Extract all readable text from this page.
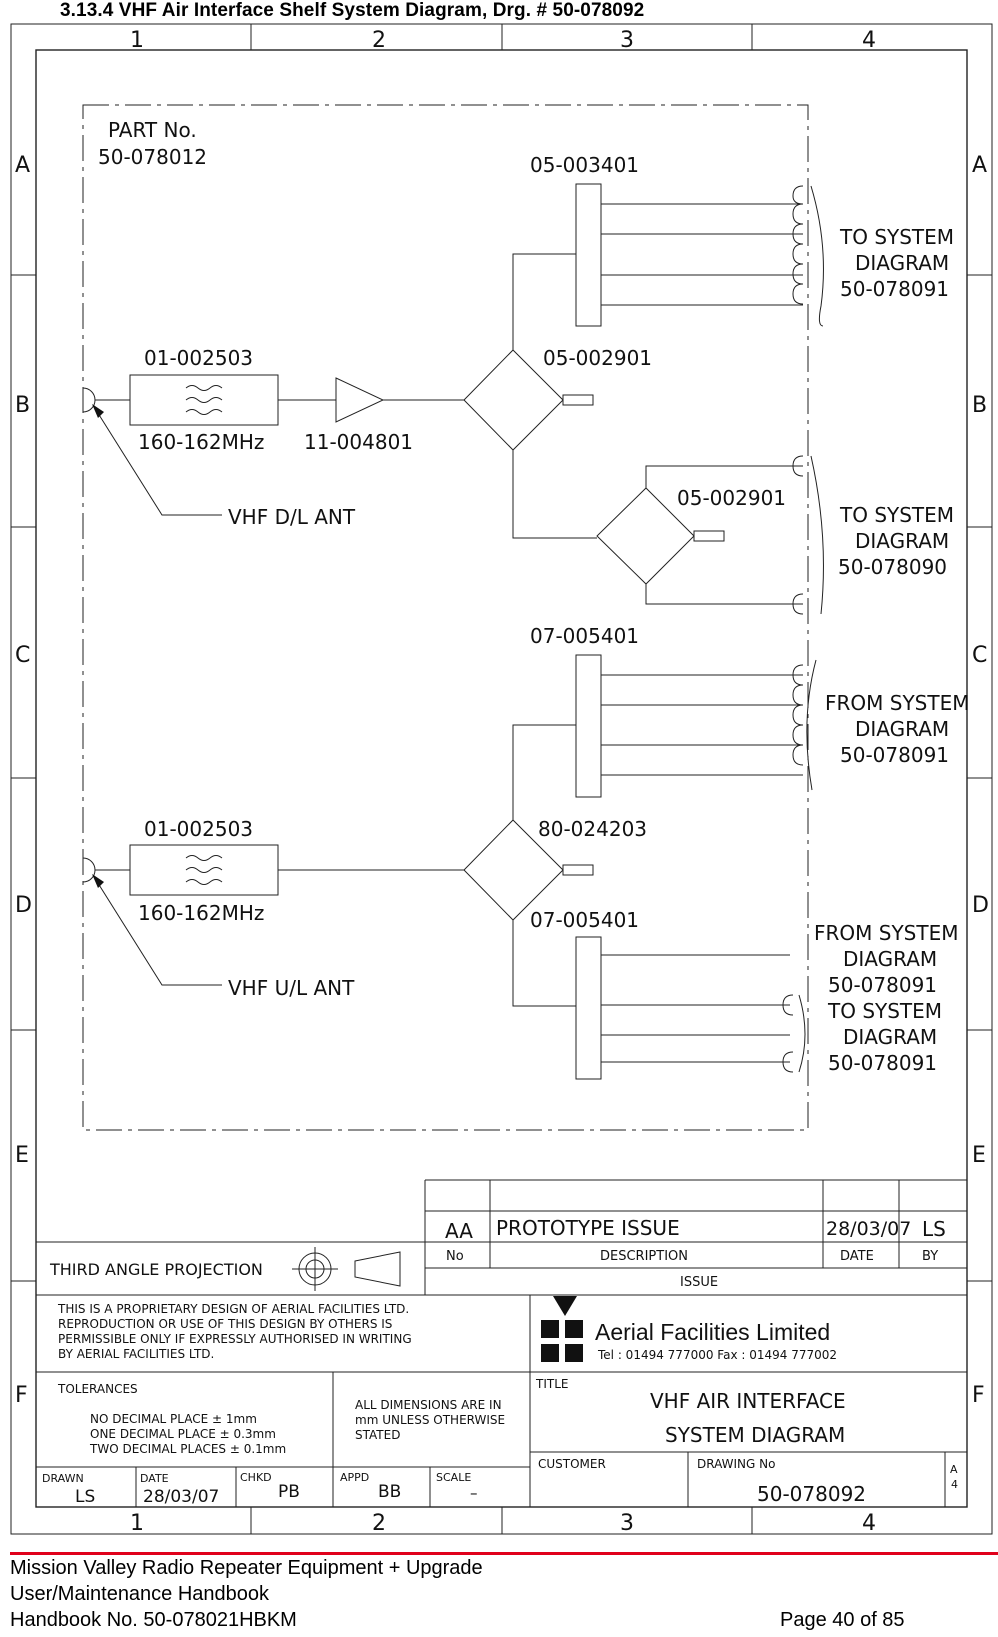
3.13.4 VHF Air Interface Shelf System Diagram, Drg. # 50-078092
1	2	3	4
1	2	3	4
A
B
C
D
E
F
A
B
C
D
E
F
PART No.
50-078012	05-003401
01-002503
160-162MHz 11-004801
05-002901
05-002901
VHF D/L ANT
07-005401
01-002503
160-162MHz
80-024203
07-005401
VHF U/L ANT
TO SYSTEM
DIAGRAM
50-078091
TO SYSTEM
DIAGRAM
50-078090
FROM SYSTEM
DIAGRAM
50-078091
FROM SYSTEM
DIAGRAM
50-078091
TO SYSTEM
DIAGRAM
50-078091
AA PROTOTYPE ISSUE	28/03/07 LS
No	DESCRIPTION	DATE	BY
ISSUE
THIRD ANGLE PROJECTION
THIS IS A PROPRIETARY DESIGN OF AERIAL FACILITIES LTD.
REPRODUCTION OR USE OF THIS DESIGN BY OTHERS IS
PERMISSIBLE ONLY IF EXPRESSLY AUTHORISED IN WRITING
BY AERIAL FACILITIES LTD.
Aerial Facilities Limited
Tel : 01494 777000 Fax : 01494 777002
TOLERANCES
NO DECIMAL PLACE ± 1mm
ONE DECIMAL PLACE ± 0.3mm
TWO DECIMAL PLACES ± 0.1mm
ALL DIMENSIONS ARE IN
mm UNLESS OTHERWISE
STATED
TITLE
VHF AIR INTERFACE
SYSTEM DIAGRAM
DRAWN
LS
DATE
28/03/07
CHKD
PB
APPD
BB
SCALE
–
CUSTOMER	DRAWING No
50-078092
A
4
Mission Valley Radio Repeater Equipment + Upgrade
User/Maintenance Handbook
Handbook No. 50-078021HBKM	Page 40 of 85
